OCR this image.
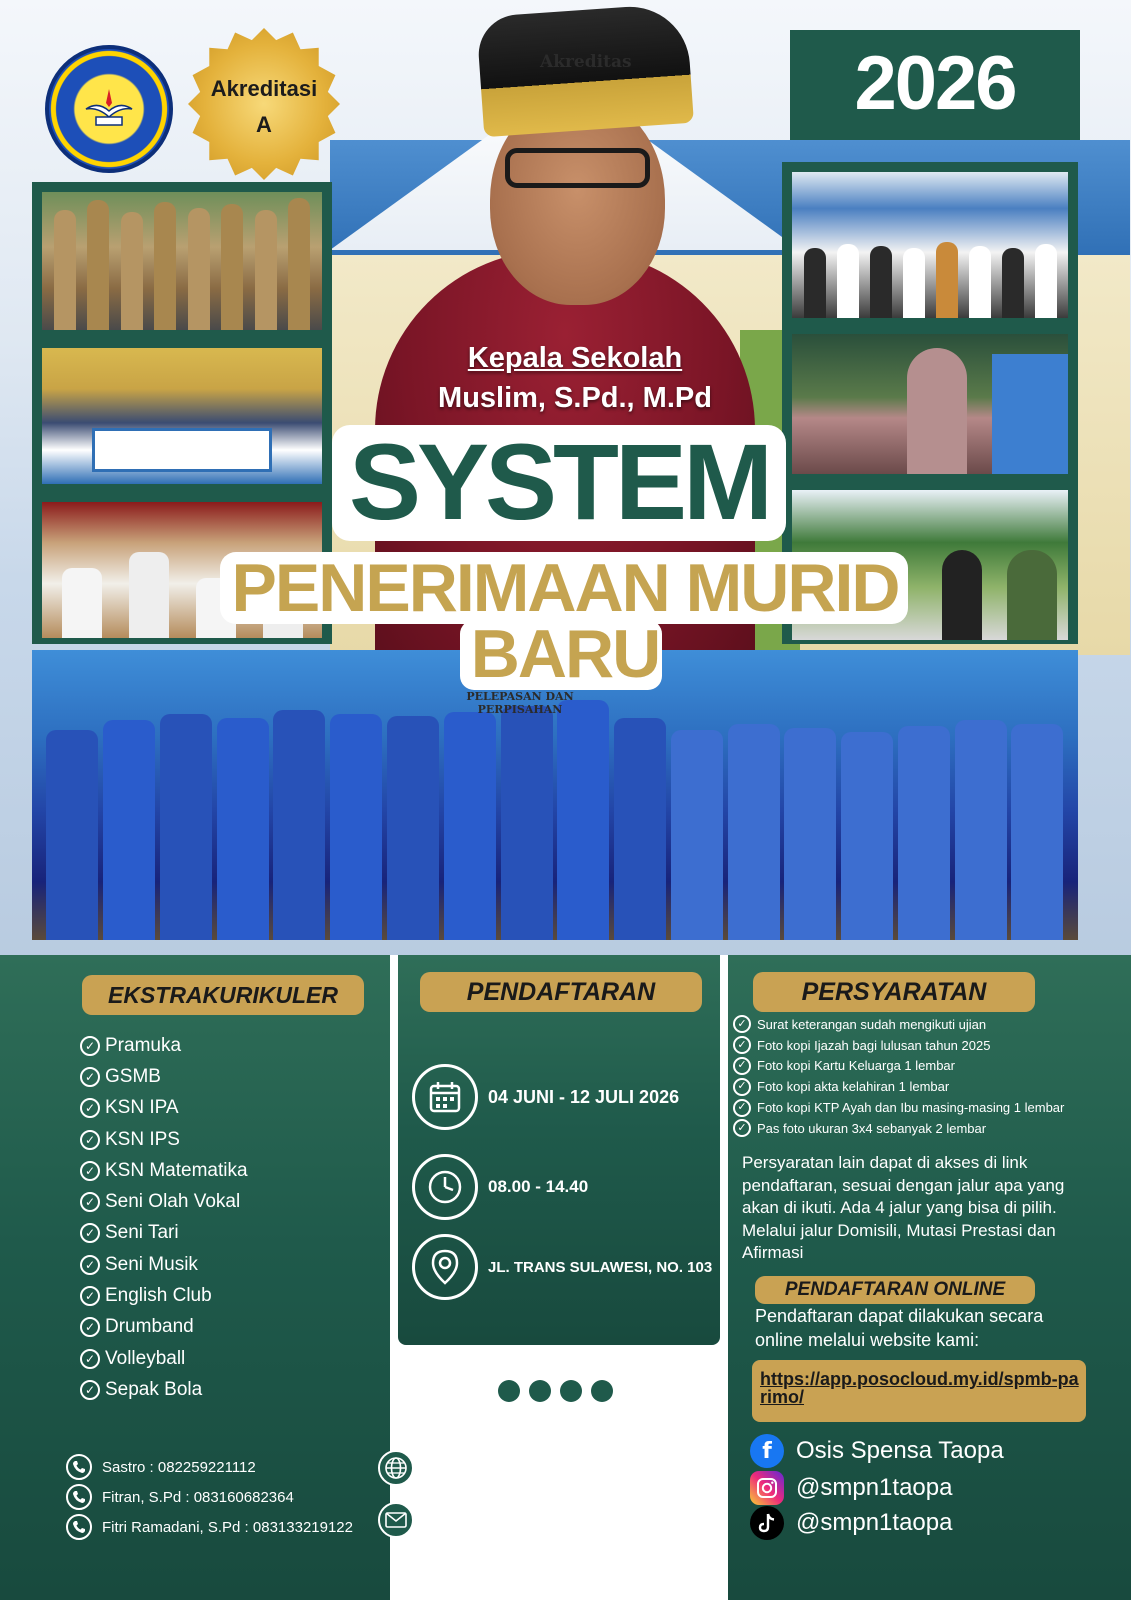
Akreditas
Akreditasi
A	2026
PELEPASAN DAN PERPISAHAN
Kepala Sekolah
Muslim, S.Pd., M.Pd
SYSTEM
PENERIMAAN MURID
BARU
EKSTRAKURIKULER
✓ Pramuka
✓ GSMB
✓ KSN IPA
✓ KSN IPS
✓ KSN Matematika
✓ Seni Olah Vokal
✓ Seni Tari
✓ Seni Musik
✓ English Club
✓ Drumband
✓ Volleyball
✓ Sepak Bola
Sastro : 082259221112
Fitran, S.Pd : 083160682364
Fitri Ramadani, S.Pd : 083133219122
PENDAFTARAN
04 JUNI - 12 JULI 2026
08.00 - 14.40
JL. TRANS SULAWESI, NO. 103
https://smpn1-taopa.ach.id/
smpntaopa@gmail.com
PERSYARATAN
✓ Surat keterangan sudah mengikuti ujian
✓ Foto kopi Ijazah bagi lulusan tahun 2025
✓ Foto kopi Kartu Keluarga 1 lembar
✓ Foto kopi akta kelahiran 1 lembar
✓ Foto kopi KTP Ayah dan Ibu masing-masing 1 lembar
✓ Pas foto ukuran 3x4 sebanyak 2 lembar
Persyaratan lain dapat di akses di link pendaftaran, sesuai dengan jalur apa yang akan di ikuti. Ada 4 jalur yang bisa di pilih. Melalui jalur Domisili, Mutasi Prestasi dan Afirmasi
PENDAFTARAN ONLINE
Pendaftaran dapat dilakukan secara online melalui website kami:
https://app.posocloud.my.id/spmb-parimo/
f	Osis Spensa Taopa
@smpn1taopa
@smpn1taopa
